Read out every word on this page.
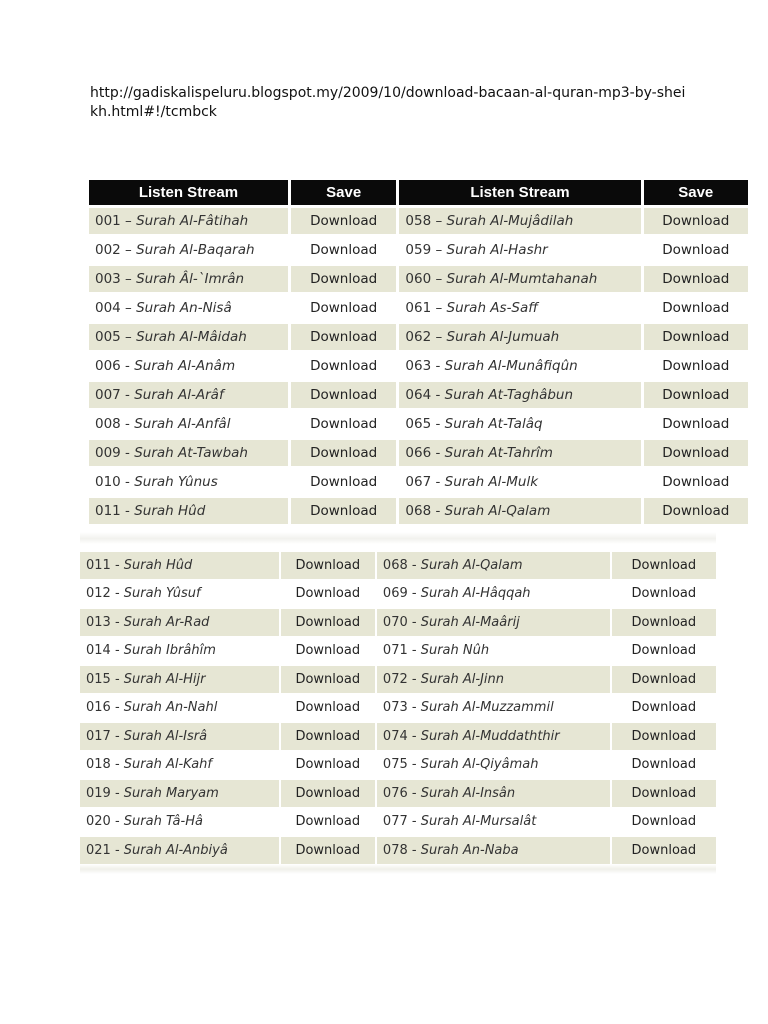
http://gadiskalispeluru.blogspot.my/2009/10/download-bacaan-al-quran-mp3-by-sheikh.html#!/tcmbck
Listen Stream	Save	Listen Stream	Save
001 – Surah Al-Fâtihah	Download	058 – Surah Al-Mujâdilah	Download
002 – Surah Al-Baqarah	Download	059 – Surah Al-Hashr	Download
003 – Surah Âl-`Imrân	Download	060 – Surah Al-Mumtahanah	Download
004 – Surah An-Nisâ	Download	061 – Surah As-Saff	Download
005 – Surah Al-Mâidah	Download	062 – Surah Al-Jumuah	Download
006 - Surah Al-Anâm	Download	063 - Surah Al-Munâfiqûn	Download
007 - Surah Al-Arâf	Download	064 - Surah At-Taghâbun	Download
008 - Surah Al-Anfâl	Download	065 - Surah At-Talâq	Download
009 - Surah At-Tawbah	Download	066 - Surah At-Tahrîm	Download
010 - Surah Yûnus	Download	067 - Surah Al-Mulk	Download
011 - Surah Hûd	Download	068 - Surah Al-Qalam	Download
011 - Surah Hûd	Download	068 - Surah Al-Qalam	Download
012 - Surah Yûsuf	Download	069 - Surah Al-Hâqqah	Download
013 - Surah Ar-Rad	Download	070 - Surah Al-Maârij	Download
014 - Surah Ibrâhîm	Download	071 - Surah Nûh	Download
015 - Surah Al-Hijr	Download	072 - Surah Al-Jinn	Download
016 - Surah An-Nahl	Download	073 - Surah Al-Muzzammil	Download
017 - Surah Al-Isrâ	Download	074 - Surah Al-Muddaththir	Download
018 - Surah Al-Kahf	Download	075 - Surah Al-Qiyâmah	Download
019 - Surah Maryam	Download	076 - Surah Al-Insân	Download
020 - Surah Tâ-Hâ	Download	077 - Surah Al-Mursalât	Download
021 - Surah Al-Anbiyâ	Download	078 - Surah An-Naba	Download
